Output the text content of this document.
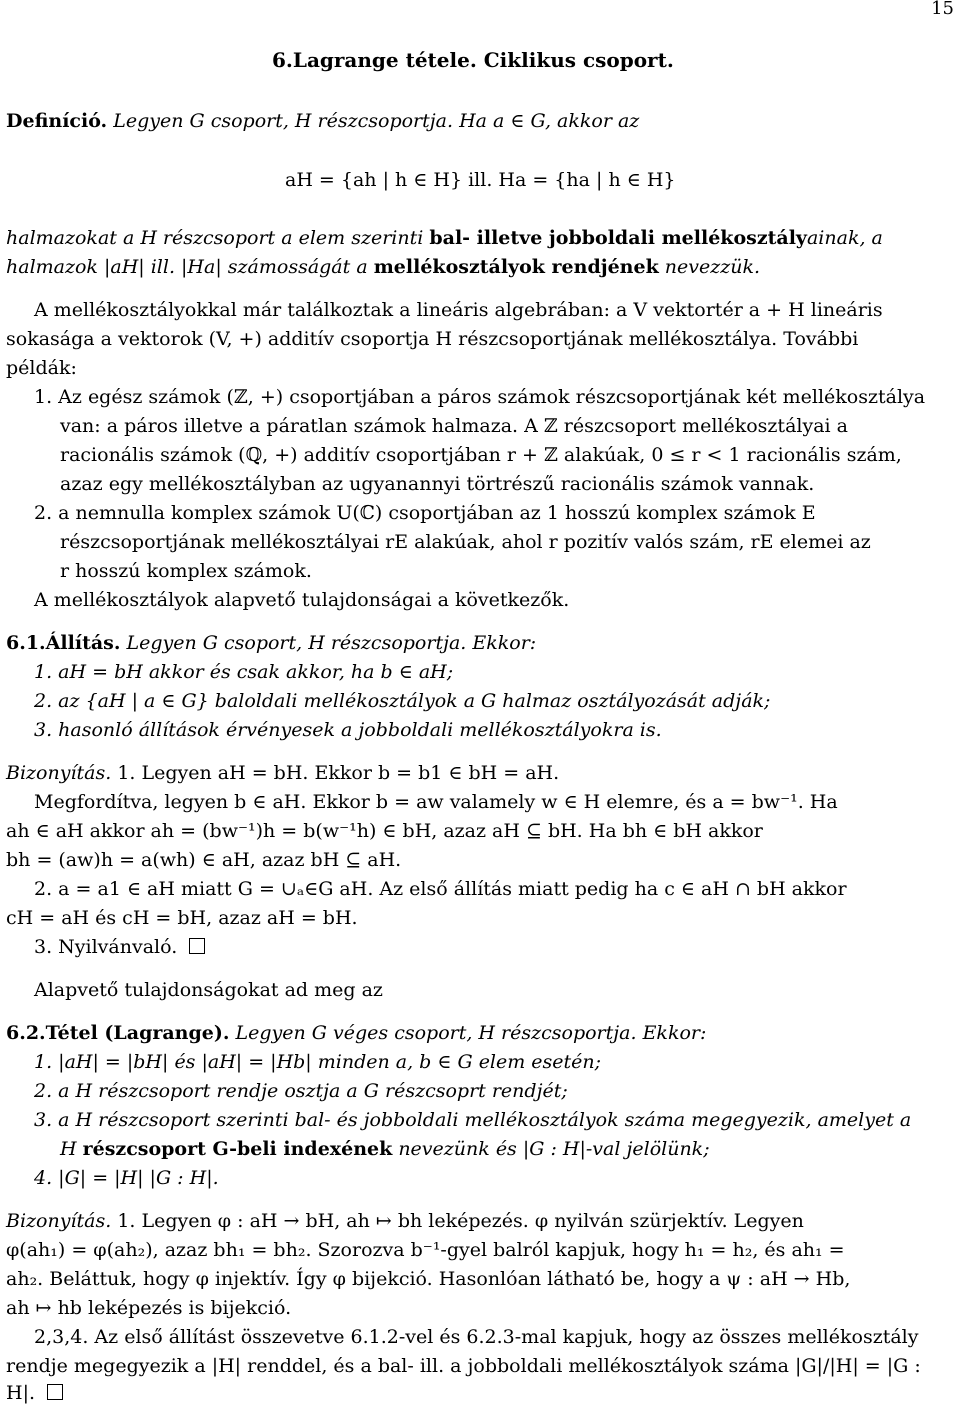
15
6.Lagrange tétele. Ciklikus csoport.
Definíció. Legyen G csoport, H részcsoportja. Ha a ∈ G, akkor az
aH = {ah | h ∈ H} ill. Ha = {ha | h ∈ H}
halmazokat a H részcsoport a elem szerinti bal- illetve jobboldali mellékosztályainak, a
halmazok |aH| ill. |Ha| számosságát a mellékosztályok rendjének nevezzük.
A mellékosztályokkal már találkoztak a lineáris algebrában: a V vektortér a + H lineáris
sokasága a vektorok (V, +) additív csoportja H részcsoportjának mellékosztálya. További
példák:
1. Az egész számok (ℤ, +) csoportjában a páros számok részcsoportjának két mellékosztálya
van: a páros illetve a páratlan számok halmaza. A ℤ részcsoport mellékosztályai a
racionális számok (ℚ, +) additív csoportjában r + ℤ alakúak, 0 ≤ r < 1 racionális szám,
azaz egy mellékosztályban az ugyanannyi törtrészű racionális számok vannak.
2. a nemnulla komplex számok U(ℂ) csoportjában az 1 hosszú komplex számok E
részcsoportjának mellékosztályai rE alakúak, ahol r pozitív valós szám, rE elemei az
r hosszú komplex számok.
A mellékosztályok alapvető tulajdonságai a következők.
6.1.Állítás. Legyen G csoport, H részcsoportja. Ekkor:
1. aH = bH akkor és csak akkor, ha b ∈ aH;
2. az {aH | a ∈ G} baloldali mellékosztályok a G halmaz osztályozását adják;
3. hasonló állítások érvényesek a jobboldali mellékosztályokra is.
Bizonyítás. 1. Legyen aH = bH. Ekkor b = b1 ∈ bH = aH.
Megfordítva, legyen b ∈ aH. Ekkor b = aw valamely w ∈ H elemre, és a = bw⁻¹. Ha
ah ∈ aH akkor ah = (bw⁻¹)h = b(w⁻¹h) ∈ bH, azaz aH ⊆ bH. Ha bh ∈ bH akkor
bh = (aw)h = a(wh) ∈ aH, azaz bH ⊆ aH.
2. a = a1 ∈ aH miatt G = ∪ₐ∈G aH. Az első állítás miatt pedig ha c ∈ aH ∩ bH akkor
cH = aH és cH = bH, azaz aH = bH.
3. Nyilvánvaló.
Alapvető tulajdonságokat ad meg az
6.2.Tétel (Lagrange). Legyen G véges csoport, H részcsoportja. Ekkor:
1. |aH| = |bH| és |aH| = |Hb| minden a, b ∈ G elem esetén;
2. a H részcsoport rendje osztja a G részcsoprt rendjét;
3. a H részcsoport szerinti bal- és jobboldali mellékosztályok száma megegyezik, amelyet a
H részcsoport G-beli indexének nevezünk és |G : H|-val jelölünk;
4. |G| = |H| |G : H|.
Bizonyítás. 1. Legyen φ : aH → bH, ah ↦ bh leképezés. φ nyilván szürjektív. Legyen
φ(ah₁) = φ(ah₂), azaz bh₁ = bh₂. Szorozva b⁻¹-gyel balról kapjuk, hogy h₁ = h₂, és ah₁ =
ah₂. Beláttuk, hogy φ injektív. Így φ bijekció. Hasonlóan látható be, hogy a ψ : aH → Hb,
ah ↦ hb leképezés is bijekció.
2,3,4. Az első állítást összevetve 6.1.2-vel és 6.2.3-mal kapjuk, hogy az összes mellékosztály
rendje megegyezik a |H| renddel, és a bal- ill. a jobboldali mellékosztályok száma |G|/|H| = |G :
H|.
